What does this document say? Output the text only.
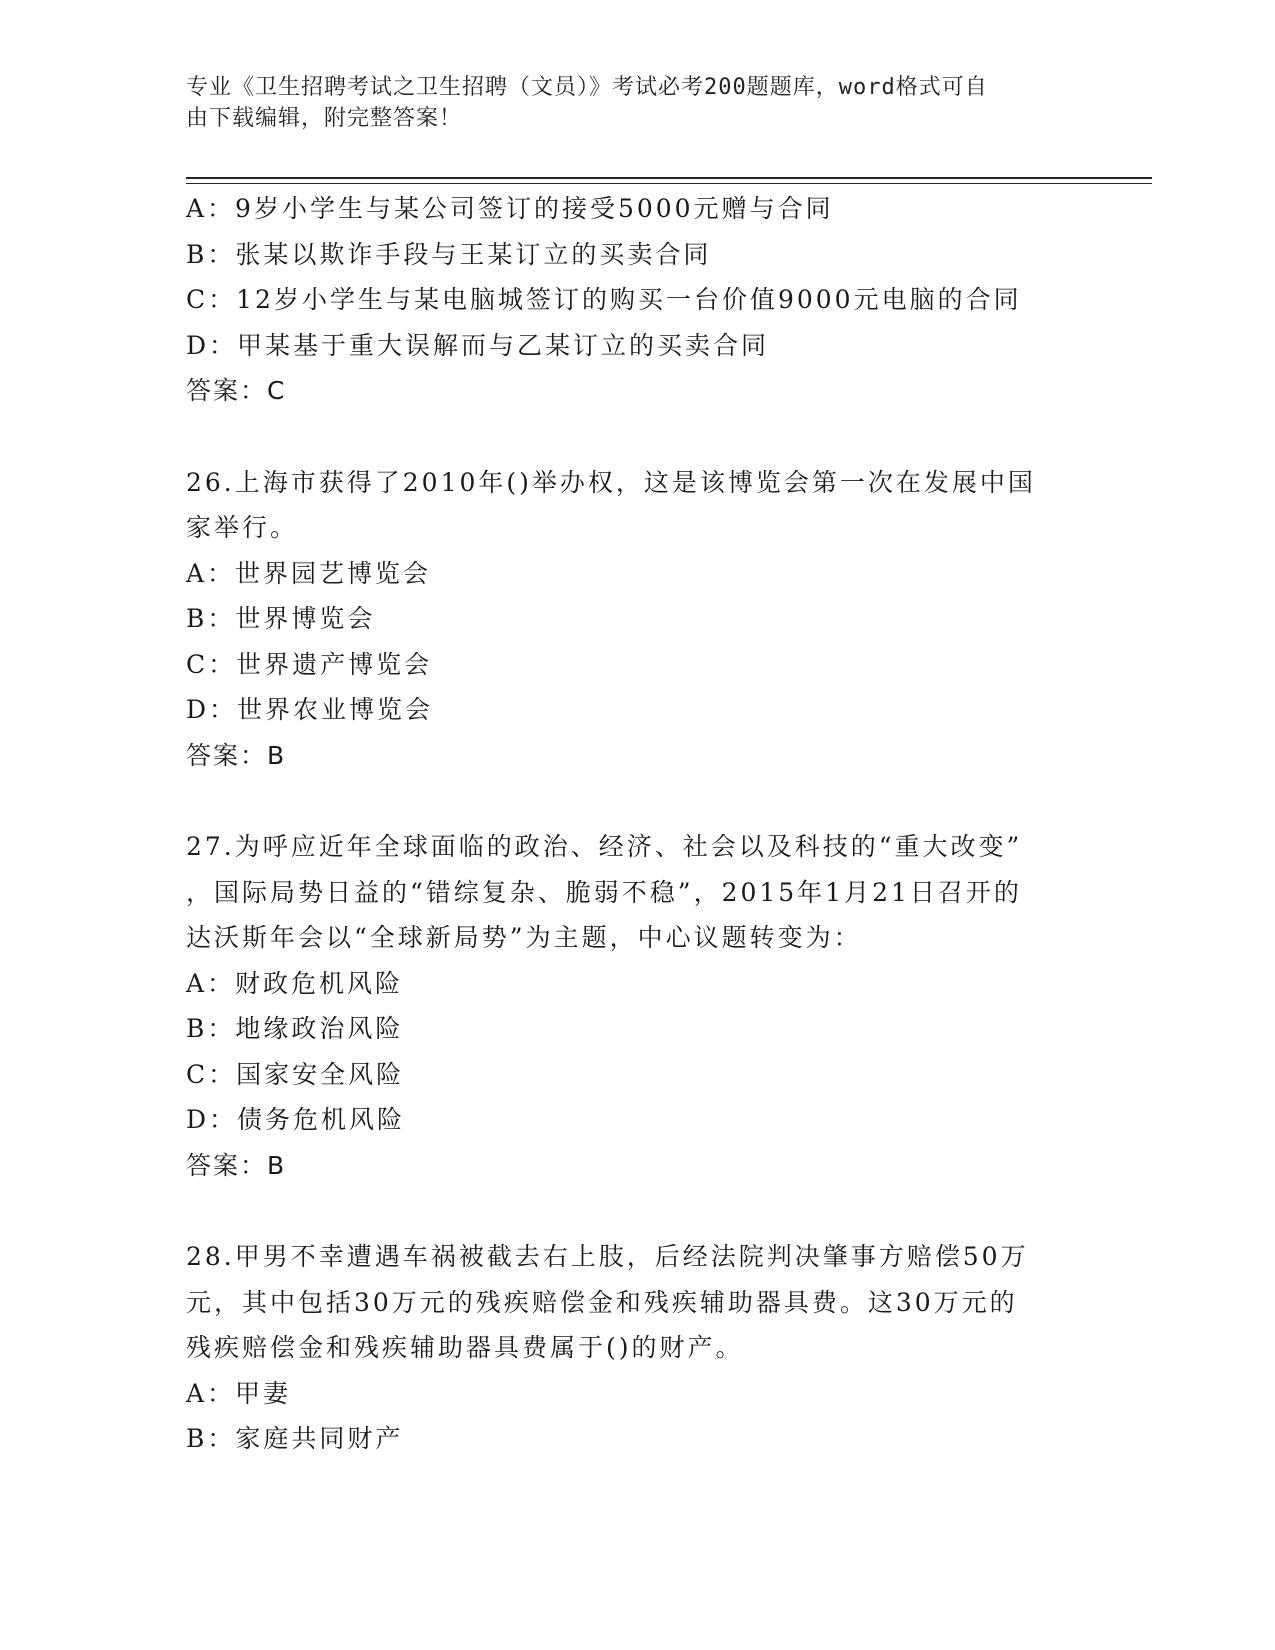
专业《卫生招聘考试之卫生招聘（文员）》考试必考200题题库，word格式可自
由下载编辑，附完整答案！
A：9岁小学生与某公司签订的接受5000元赠与合同
B：张某以欺诈手段与王某订立的买卖合同
C：12岁小学生与某电脑城签订的购买一台价值9000元电脑的合同
D：甲某基于重大误解而与乙某订立的买卖合同
答案：C
26.上海市获得了2010年()举办权，这是该博览会第一次在发展中国
家举行。
A：世界园艺博览会
B：世界博览会
C：世界遗产博览会
D：世界农业博览会
答案：B
27.为呼应近年全球面临的政治、经济、社会以及科技的“重大改变”
，国际局势日益的“错综复杂、脆弱不稳”，2015年1月21日召开的
达沃斯年会以“全球新局势”为主题，中心议题转变为：
A：财政危机风险
B：地缘政治风险
C：国家安全风险
D：债务危机风险
答案：B
28.甲男不幸遭遇车祸被截去右上肢，后经法院判决肇事方赔偿50万
元，其中包括30万元的残疾赔偿金和残疾辅助器具费。这30万元的
残疾赔偿金和残疾辅助器具费属于()的财产。
A：甲妻
B：家庭共同财产
